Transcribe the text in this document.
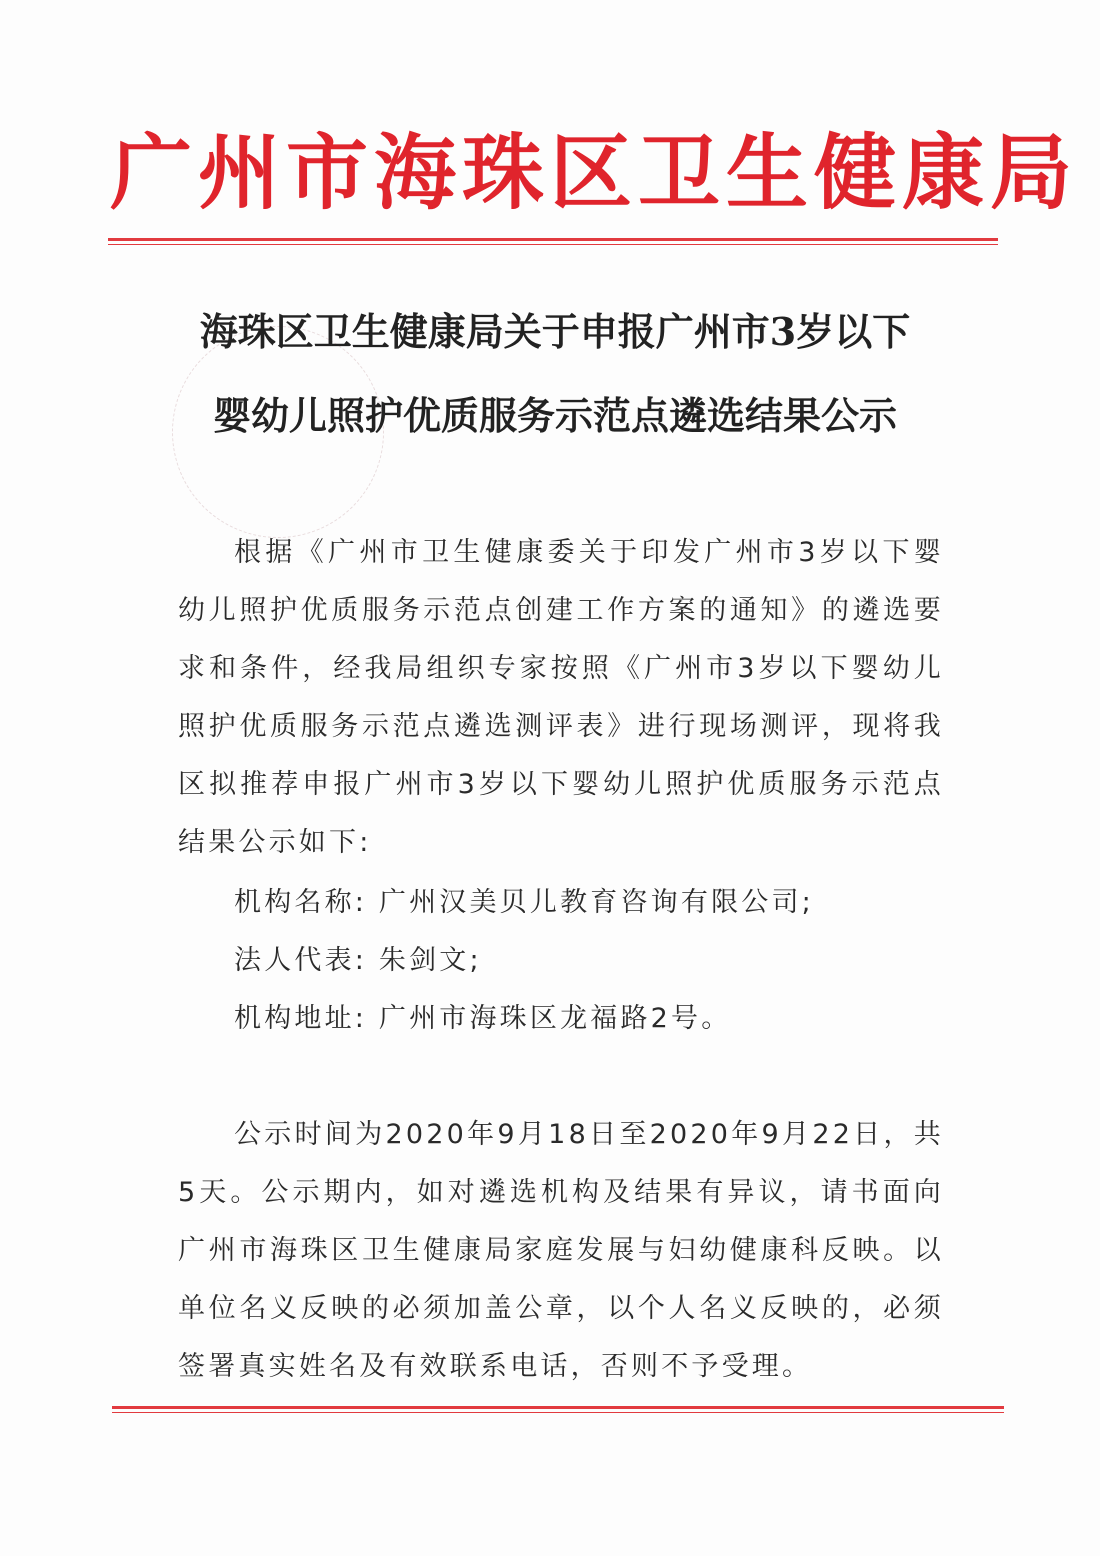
广州市海珠区卫生健康局
海珠区卫生健康局关于申报广州市3岁以下
婴幼儿照护优质服务示范点遴选结果公示

根据《广州市卫生健康委关于印发广州市3岁以下婴幼儿照护优质服务示范点创建工作方案的通知》的遴选要求和条件，经我局组织专家按照《广州市3岁以下婴幼儿照护优质服务示范点遴选测评表》进行现场测评，现将我区拟推荐申报广州市3岁以下婴幼儿照护优质服务示范点结果公示如下:

机构名称: 广州汉美贝儿教育咨询有限公司;
法人代表: 朱剑文;
机构地址: 广州市海珠区龙福路2号。

公示时间为2020年9月18日至2020年9月22日，共5天。公示期内，如对遴选机构及结果有异议，请书面向广州市海珠区卫生健康局家庭发展与妇幼健康科反映。以单位名义反映的必须加盖公章，以个人名义反映的，必须签署真实姓名及有效联系电话，否则不予受理。
